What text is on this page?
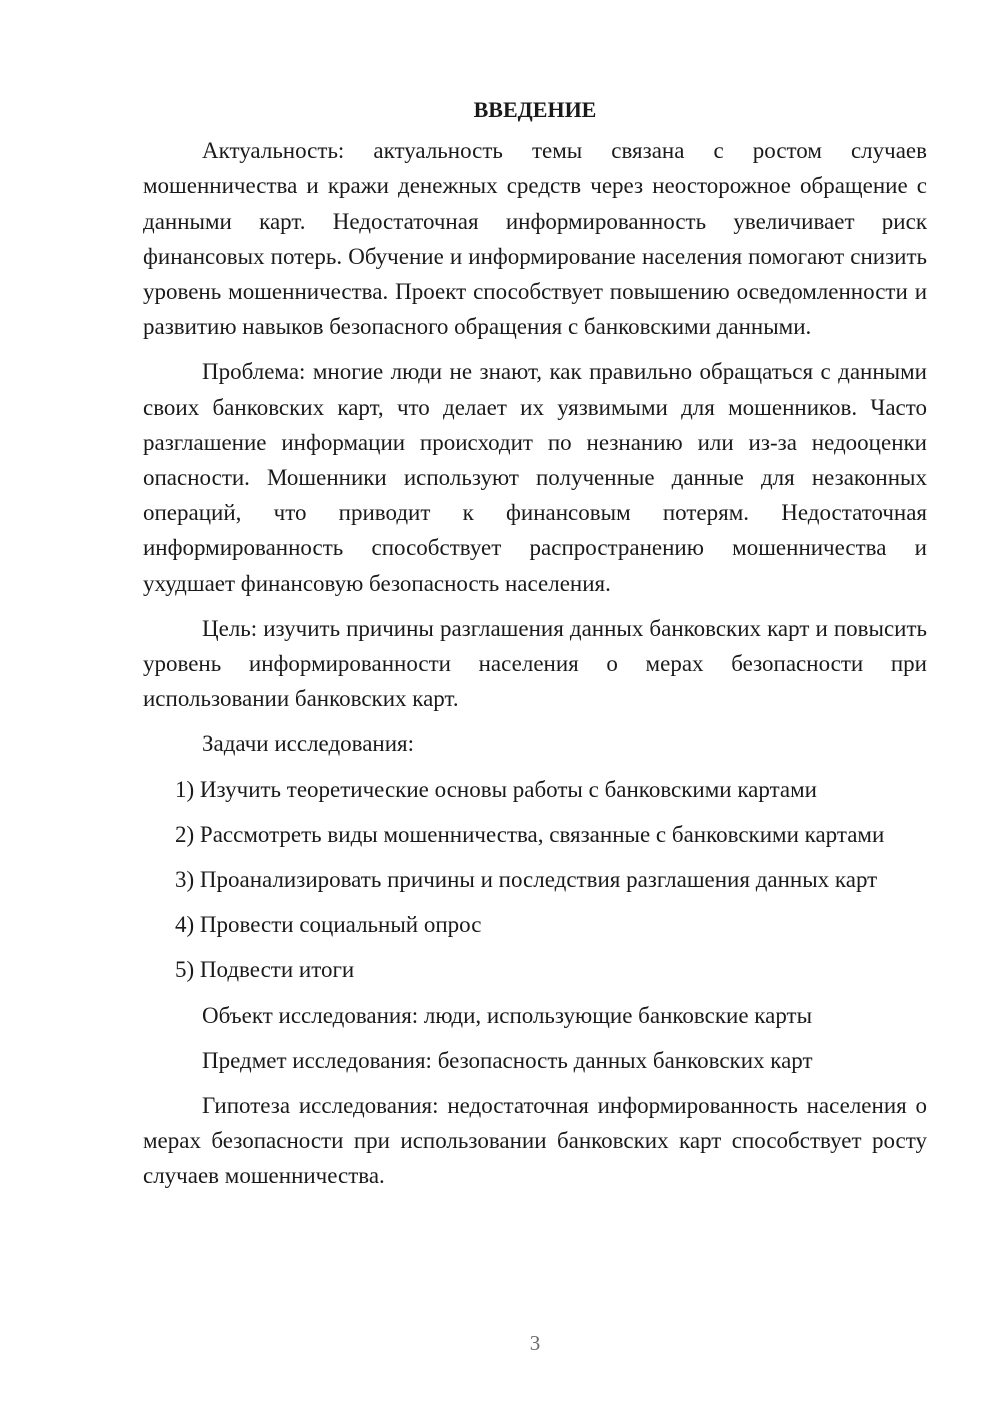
ВВЕДЕНИЕ

Актуальность: актуальность темы связана с ростом случаев мошенничества и кражи денежных средств через неосторожное обращение с данными карт. Недостаточная информированность увеличивает риск финансовых потерь. Обучение и информирование населения помогают снизить уровень мошенничества. Проект способствует повышению осведомленности и развитию навыков безопасного обращения с банковскими данными.

Проблема: многие люди не знают, как правильно обращаться с данными своих банковских карт, что делает их уязвимыми для мошенников. Часто разглашение информации происходит по незнанию или из-за недооценки опасности. Мошенники используют полученные данные для незаконных операций, что приводит к финансовым потерям. Недостаточная информированность способствует распространению мошенничества и ухудшает финансовую безопасность населения.

Цель: изучить причины разглашения данных банковских карт и повысить уровень информированности населения о мерах безопасности при использовании банковских карт.

Задачи исследования:

1) Изучить теоретические основы работы с банковскими картами

2) Рассмотреть виды мошенничества, связанные с банковскими картами

3) Проанализировать причины и последствия разглашения данных карт

4) Провести социальный опрос

5) Подвести итоги

Объект исследования: люди, использующие банковские карты

Предмет исследования: безопасность данных банковских карт

Гипотеза исследования: недостаточная информированность населения о мерах безопасности при использовании банковских карт способствует росту случаев мошенничества.

3
